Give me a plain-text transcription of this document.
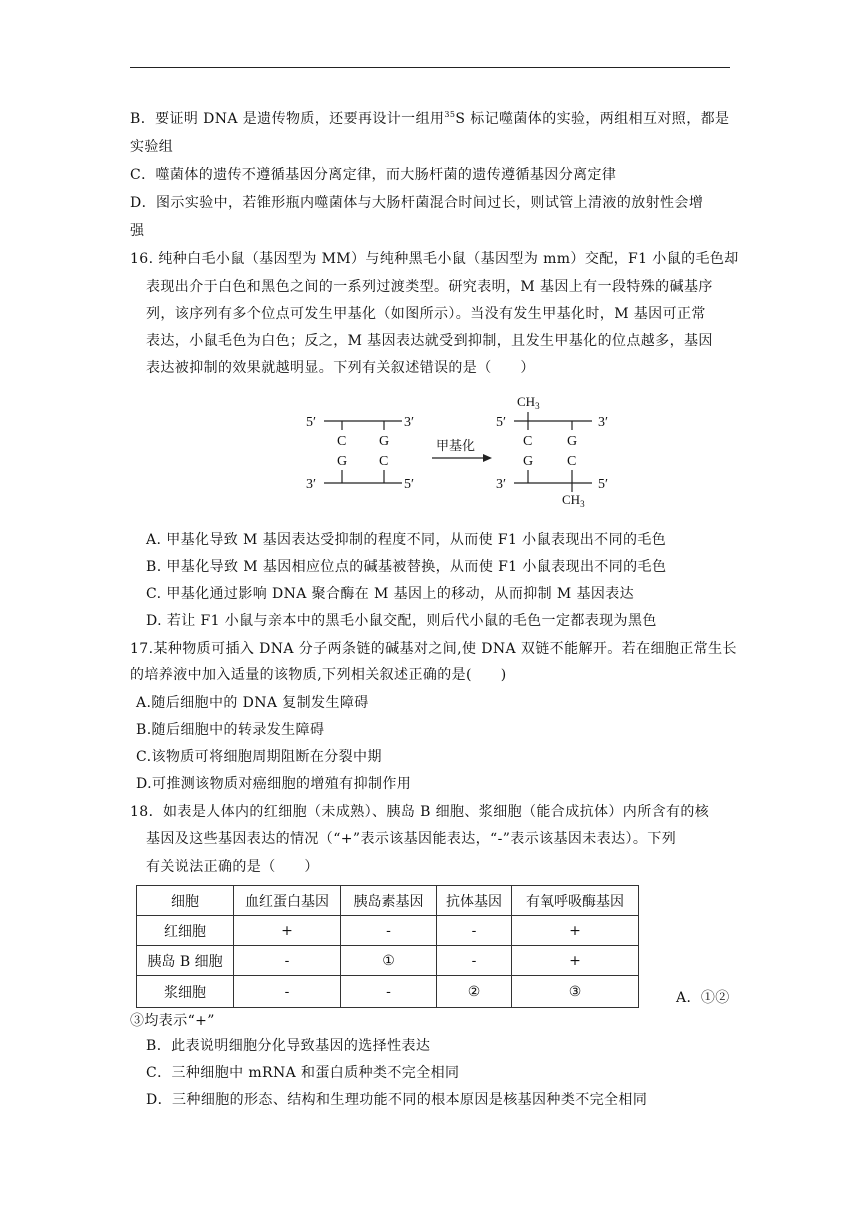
B．要证明 DNA 是遗传物质，还要再设计一组用$^{35}$S 标记噬菌体的实验，两组相互对照，都是
实验组
C．噬菌体的遗传不遵循基因分离定律，而大肠杆菌的遗传遵循基因分离定律
D．图示实验中，若锥形瓶内噬菌体与大肠杆菌混合时间过长，则试管上清液的放射性会增
强
16. 纯种白毛小鼠（基因型为 MM）与纯种黑毛小鼠（基因型为 mm）交配，F1 小鼠的毛色却
表现出介于白色和黑色之间的一系列过渡类型。研究表明，M 基因上有一段特殊的碱基序
列，该序列有多个位点可发生甲基化（如图所示）。当没有发生甲基化时，M 基因可正常
表达，小鼠毛色为白色；反之，M 基因表达就受到抑制，且发生甲基化的位点越多，基因
表达被抑制的效果就越明显。下列有关叙述错误的是（　　）
5′	3′
3′	5′
C
G
G
C
甲基化
5′	3′
3′	5′
C
G
G
C
$CH_3$
$CH_3$
A. 甲基化导致 M 基因表达受抑制的程度不同，从而使 F1 小鼠表现出不同的毛色
B. 甲基化导致 M 基因相应位点的碱基被替换，从而使 F1 小鼠表现出不同的毛色
C. 甲基化通过影响 DNA 聚合酶在 M 基因上的移动，从而抑制 M 基因表达
D. 若让 F1 小鼠与亲本中的黑毛小鼠交配，则后代小鼠的毛色一定都表现为黑色
17.某种物质可插入 DNA 分子两条链的碱基对之间,使 DNA 双链不能解开。若在细胞正常生长
的培养液中加入适量的该物质,下列相关叙述正确的是(　　)
A.随后细胞中的 DNA 复制发生障碍
B.随后细胞中的转录发生障碍
C.该物质可将细胞周期阻断在分裂中期
D.可推测该物质对癌细胞的增殖有抑制作用
18．如表是人体内的红细胞（未成熟）、胰岛 B 细胞、浆细胞（能合成抗体）内所含有的核
基因及这些基因表达的情况（“+”表示该基因能表达，“-”表示该基因未表达）。下列
有关说法正确的是（　　）
细胞	血红蛋白基因	胰岛素基因	抗体基因	有氧呼吸酶基因
红细胞	+	-	-	+
胰岛 B 细胞	-	①	-	+
浆细胞	-	-	②	③	A．①②
③均表示“+”
B．此表说明细胞分化导致基因的选择性表达
C．三种细胞中 mRNA 和蛋白质种类不完全相同
D．三种细胞的形态、结构和生理功能不同的根本原因是核基因种类不完全相同
